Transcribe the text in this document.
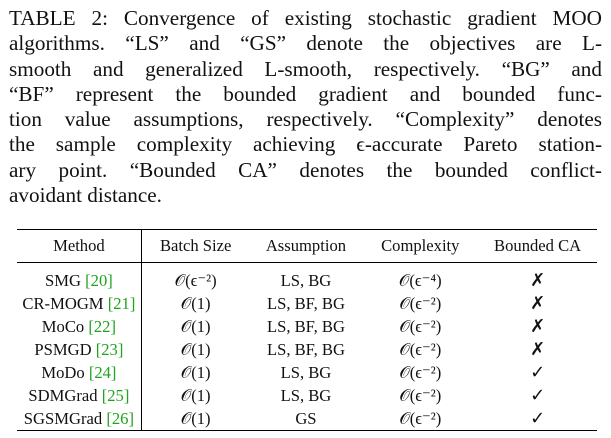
TABLE 2: Convergence of existing stochastic gradient MOO
algorithms. “LS” and “GS” denote the objectives are L-
smooth and generalized L-smooth, respectively. “BG” and
“BF” represent the bounded gradient and bounded func-
tion value assumptions, respectively. “Complexity” denotes
the sample complexity achieving ϵ-accurate Pareto station-
ary point. “Bounded CA” denotes the bounded conflict-
avoidant distance.
Method	Batch Size	Assumption	Complexity	Bounded CA
SMG [20]	𝒪(ϵ⁻²)	LS, BG	𝒪(ϵ⁻⁴)	✗
CR-MOGM [21]	𝒪(1)	LS, BF, BG	𝒪(ϵ⁻²)	✗
MoCo [22]	𝒪(1)	LS, BF, BG	𝒪(ϵ⁻²)	✗
PSMGD [23]	𝒪(1)	LS, BF, BG	𝒪(ϵ⁻²)	✗
MoDo [24]	𝒪(1)	LS, BG	𝒪(ϵ⁻²)	✓
SDMGrad [25]	𝒪(1)	LS, BG	𝒪(ϵ⁻²)	✓
SGSMGrad [26]	𝒪(1)	GS	𝒪(ϵ⁻²)	✓
